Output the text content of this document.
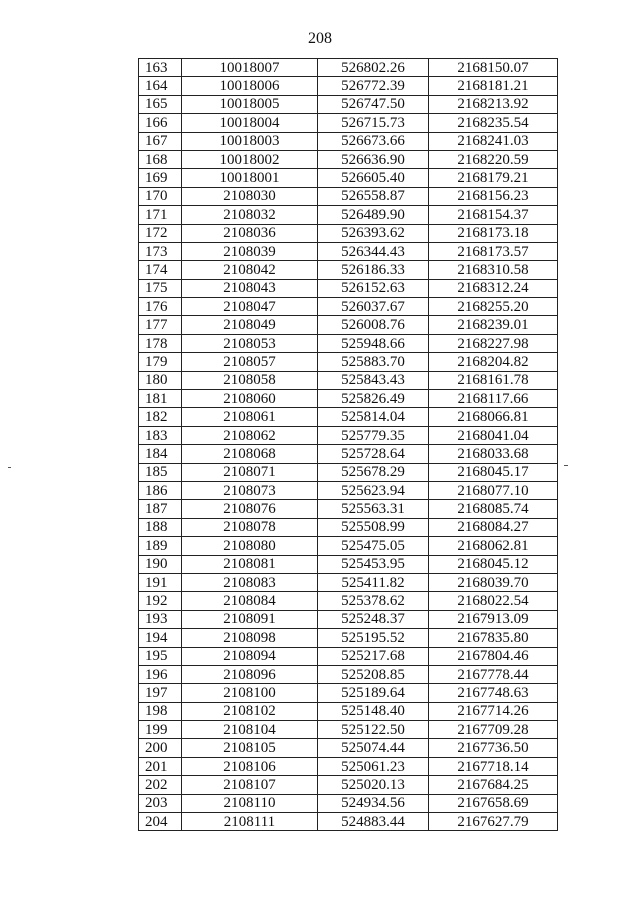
208
163	10018007	526802.26	2168150.07
164	10018006	526772.39	2168181.21
165	10018005	526747.50	2168213.92
166	10018004	526715.73	2168235.54
167	10018003	526673.66	2168241.03
168	10018002	526636.90	2168220.59
169	10018001	526605.40	2168179.21
170	2108030	526558.87	2168156.23
171	2108032	526489.90	2168154.37
172	2108036	526393.62	2168173.18
173	2108039	526344.43	2168173.57
174	2108042	526186.33	2168310.58
175	2108043	526152.63	2168312.24
176	2108047	526037.67	2168255.20
177	2108049	526008.76	2168239.01
178	2108053	525948.66	2168227.98
179	2108057	525883.70	2168204.82
180	2108058	525843.43	2168161.78
181	2108060	525826.49	2168117.66
182	2108061	525814.04	2168066.81
183	2108062	525779.35	2168041.04
184	2108068	525728.64	2168033.68
185	2108071	525678.29	2168045.17
186	2108073	525623.94	2168077.10
187	2108076	525563.31	2168085.74
188	2108078	525508.99	2168084.27
189	2108080	525475.05	2168062.81
190	2108081	525453.95	2168045.12
191	2108083	525411.82	2168039.70
192	2108084	525378.62	2168022.54
193	2108091	525248.37	2167913.09
194	2108098	525195.52	2167835.80
195	2108094	525217.68	2167804.46
196	2108096	525208.85	2167778.44
197	2108100	525189.64	2167748.63
198	2108102	525148.40	2167714.26
199	2108104	525122.50	2167709.28
200	2108105	525074.44	2167736.50
201	2108106	525061.23	2167718.14
202	2108107	525020.13	2167684.25
203	2108110	524934.56	2167658.69
204	2108111	524883.44	2167627.79
